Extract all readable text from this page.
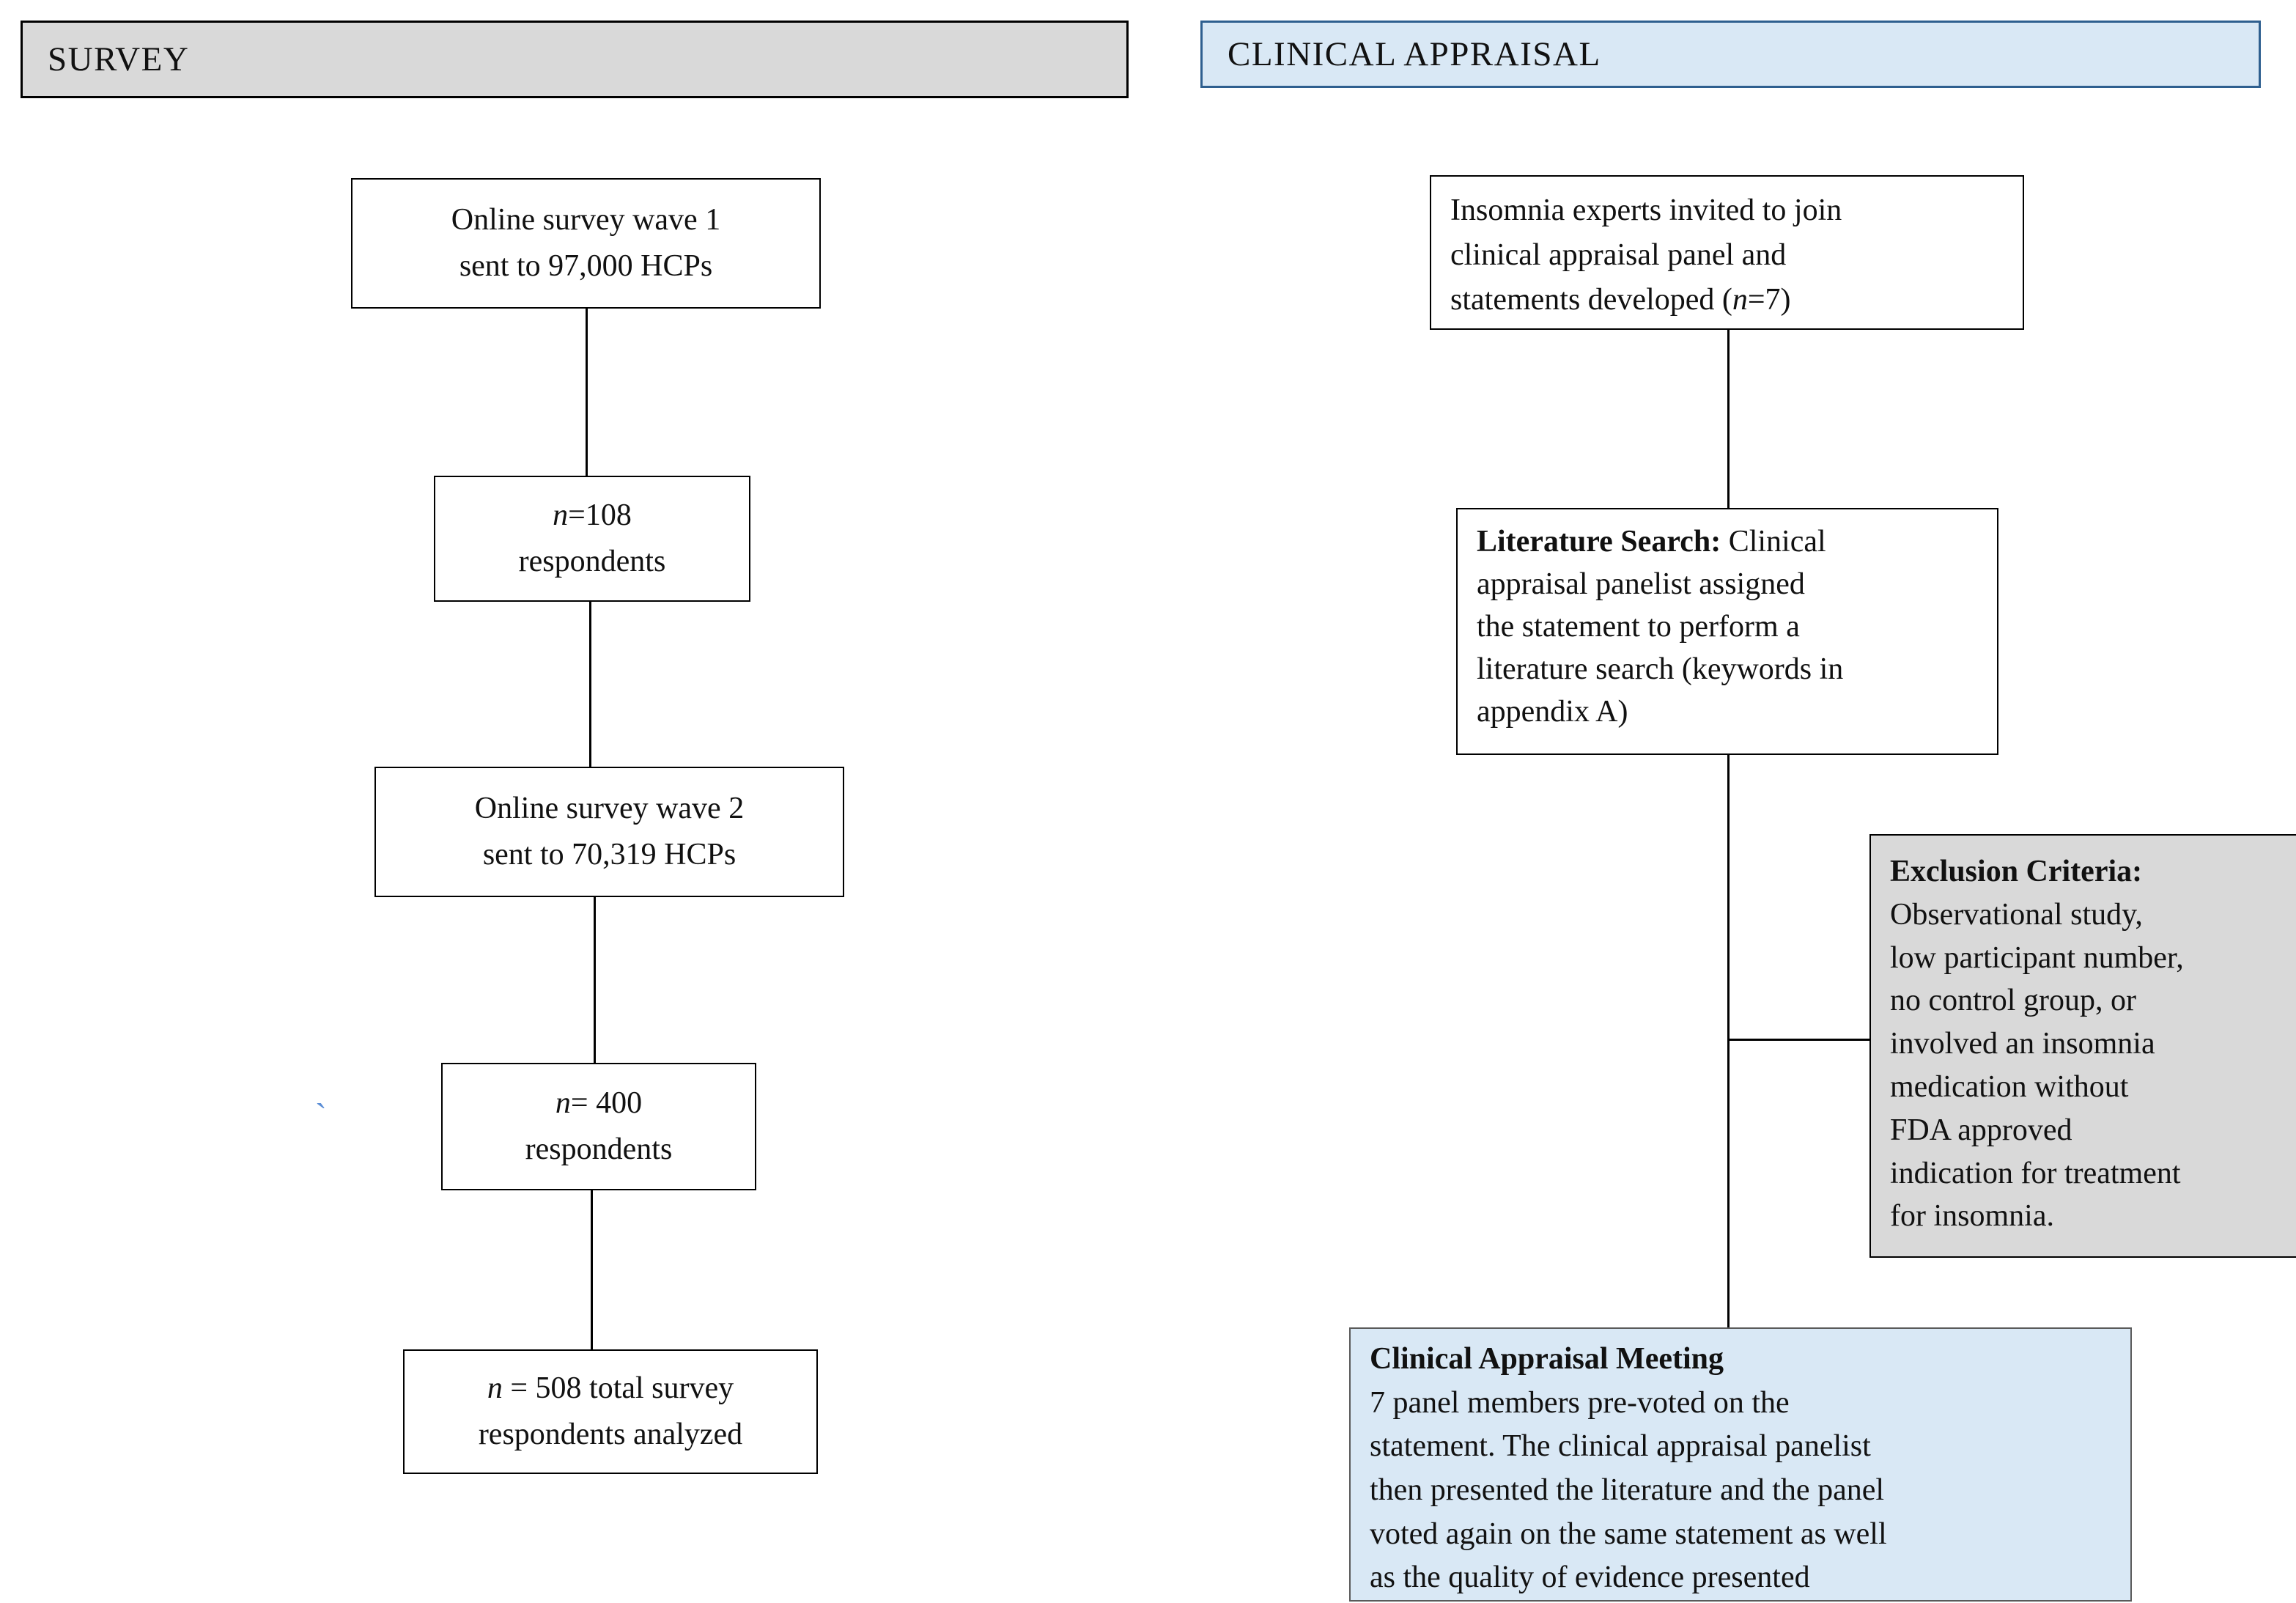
SURVEY	CLINICAL APPRAISAL
Online survey wave 1
sent to 97,000 HCPs
n=108
respondents
Online survey wave 2
sent to 70,319 HCPs
`	n= 400
respondents
n = 508 total survey
respondents analyzed
Insomnia experts invited to join
clinical appraisal panel and
statements developed (n=7)
Literature Search: Clinical
appraisal panelist assigned
the statement to perform a
literature search (keywords in
appendix A)
Exclusion Criteria:
Observational study,
low participant number,
no control group, or
involved an insomnia
medication without
FDA approved
indication for treatment
for insomnia.
Clinical Appraisal Meeting
7 panel members pre-voted on the
statement. The clinical appraisal panelist
then presented the literature and the panel
voted again on the same statement as well
as the quality of evidence presented
